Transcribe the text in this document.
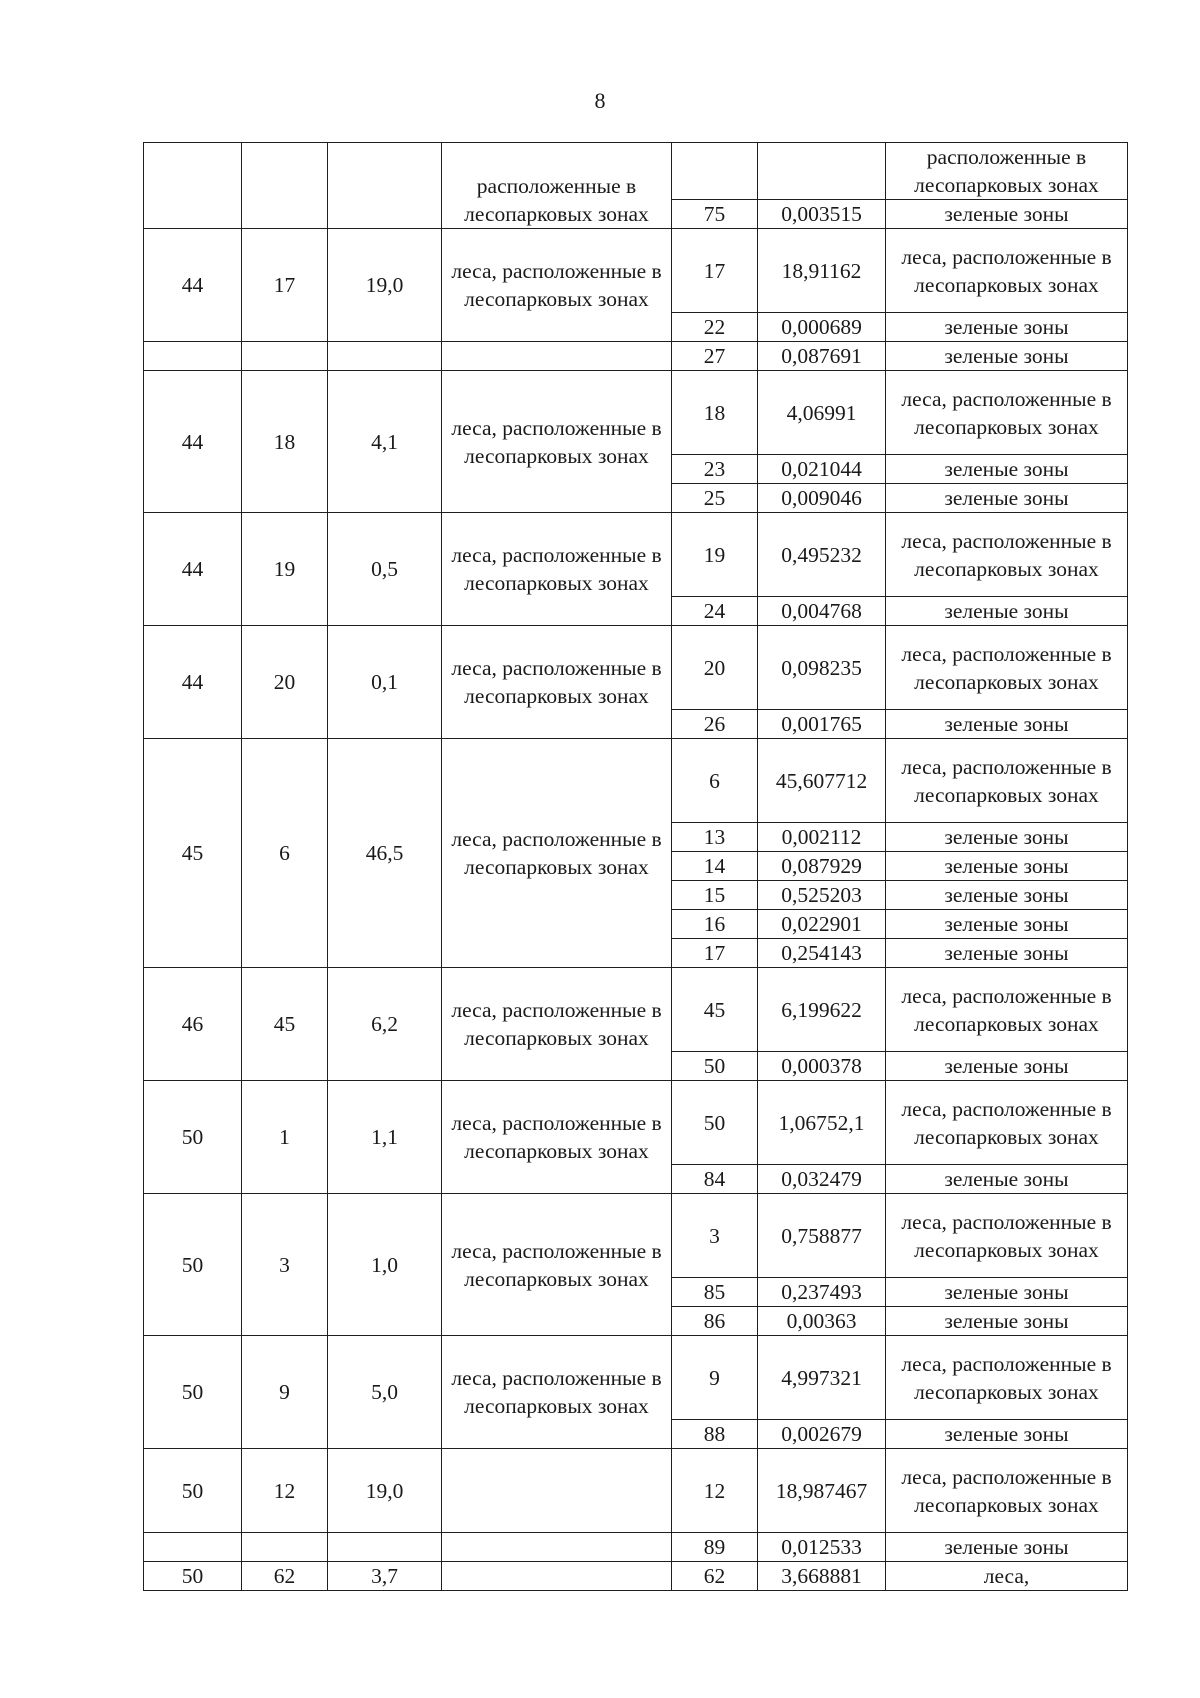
8
			расположенные в лесопарковых зонах			расположенные в лесопарковых зонах
				75	0,003515	зеленые зоны
44	17	19,0	леса, расположенные в лесопарковых зонах	17	18,91162	леса, расположенные в лесопарковых зонах
				22	0,000689	зеленые зоны
				27	0,087691	зеленые зоны
44	18	4,1	леса, расположенные в лесопарковых зонах	18	4,06991	леса, расположенные в лесопарковых зонах
				23	0,021044	зеленые зоны
				25	0,009046	зеленые зоны
44	19	0,5	леса, расположенные в лесопарковых зонах	19	0,495232	леса, расположенные в лесопарковых зонах
				24	0,004768	зеленые зоны
44	20	0,1	леса, расположенные в лесопарковых зонах	20	0,098235	леса, расположенные в лесопарковых зонах
				26	0,001765	зеленые зоны
45	6	46,5	леса, расположенные в лесопарковых зонах	6	45,607712	леса, расположенные в лесопарковых зонах
				13	0,002112	зеленые зоны
				14	0,087929	зеленые зоны
				15	0,525203	зеленые зоны
				16	0,022901	зеленые зоны
				17	0,254143	зеленые зоны
46	45	6,2	леса, расположенные в лесопарковых зонах	45	6,199622	леса, расположенные в лесопарковых зонах
				50	0,000378	зеленые зоны
50	1	1,1	леса, расположенные в лесопарковых зонах	50	1,06752,1	леса, расположенные в лесопарковых зонах
				84	0,032479	зеленые зоны
50	3	1,0	леса, расположенные в лесопарковых зонах	3	0,758877	леса, расположенные в лесопарковых зонах
				85	0,237493	зеленые зоны
				86	0,00363	зеленые зоны
50	9	5,0	леса, расположенные в лесопарковых зонах	9	4,997321	леса, расположенные в лесопарковых зонах
				88	0,002679	зеленые зоны
50	12	19,0		12	18,987467	леса, расположенные в лесопарковых зонах
				89	0,012533	зеленые зоны
50	62	3,7		62	3,668881	леса,
